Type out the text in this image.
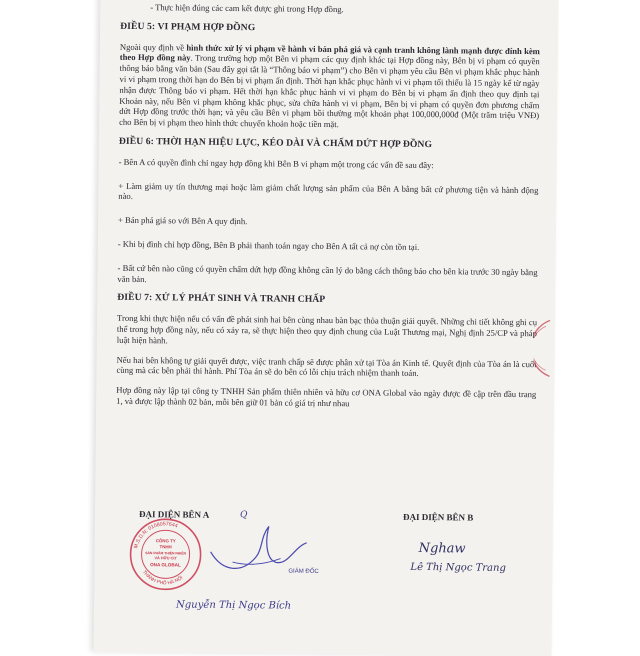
- Thực hiện đúng các cam kết được ghi trong Hợp đồng.

ĐIỀU 5: VI PHẠM HỢP ĐỒNG

Ngoài quy định về hình thức xử lý vi phạm về hành vi bán phá giá và cạnh tranh không lành mạnh được đính kèm theo Hợp đồng này. Trong trường hợp một Bên vi phạm các quy định khác tại Hợp đồng này, Bên bị vi phạm có quyền thông báo bằng văn bản (Sau đây gọi tắt là “Thông báo vi phạm”) cho Bên vi phạm yêu cầu Bên vi phạm khắc phục hành vi vi phạm trong thời hạn do Bên bị vi phạm ấn định. Thời hạn khắc phục hành vi vi phạm tối thiểu là 15 ngày kể từ ngày nhận được Thông báo vi phạm. Hết thời hạn khắc phục hành vi vi phạm do Bên bị vi phạm ấn định theo quy định tại Khoản này, nếu Bên vi phạm không khắc phục, sửa chữa hành vi vi phạm, Bên bị vi phạm có quyền đơn phương chấm dứt Hợp đồng trước thời hạn; và yêu cầu Bên vi phạm bồi thường một khoản phạt 100,000,000đ (Một trăm triệu VNĐ) cho Bên bị vi phạm theo hình thức chuyển khoản hoặc tiền mặt.

ĐIỀU 6: THỜI HẠN HIỆU LỰC, KÉO DÀI VÀ CHẤM DỨT HỢP ĐỒNG

- Bên A có quyền đình chỉ ngay hợp đồng khi Bên B vi phạm một trong các vấn đề sau đây:

+ Làm giảm uy tín thương mại hoặc làm giảm chất lượng sản phẩm của Bên A bằng bất cứ phương tiện và hành động nào.

+ Bán phá giá so với Bên A quy định.

- Khi bị đình chỉ hợp đồng, Bên B phải thanh toán ngay cho Bên A tất cả nợ còn tồn tại.

- Bất cứ bên nào cũng có quyền chấm dứt hợp đồng không cần lý do bằng cách thông báo cho bên kia trước 30 ngày bằng văn bản.

ĐIỀU 7: XỬ LÝ PHÁT SINH VÀ TRANH CHẤP

Trong khi thực hiện nếu có vấn đề phát sinh hai bên cùng nhau bàn bạc thỏa thuận giải quyết. Những chi tiết không ghi cụ thể trong hợp đồng này, nếu có xảy ra, sẽ thực hiện theo quy định chung của Luật Thương mại, Nghị định 25/CP và pháp luật hiện hành.

Nếu hai bên không tự giải quyết được, việc tranh chấp sẽ được phân xử tại Tòa án Kinh tế. Quyết định của Tòa án là cuối cùng mà các bên phải thi hành. Phí Tòa án sẽ do bên có lỗi chịu trách nhiệm thanh toán.

Hợp đồng này lập tại công ty TNHH Sản phẩm thiên nhiên và hữu cơ ONA Global vào ngày được đề cập trên đầu trang 1, và được lập thành 02 bản, mỗi bên giữ 01 bản có giá trị như nhau

ĐẠI DIỆN BÊN A	Q	ĐẠI DIỆN BÊN B
M.S.D.N: 0108057644
THÀNH PHỐ HÀ NỘI
CÔNG TY
TNHH
SẢN PHẨM THIÊN NHIÊN
VÀ HỮU CƠ
ONA GLOBAL
GIÁM ĐỐC
Nguyễn Thị Ngọc Bích
Nghaw
Lê Thị Ngọc Trang
